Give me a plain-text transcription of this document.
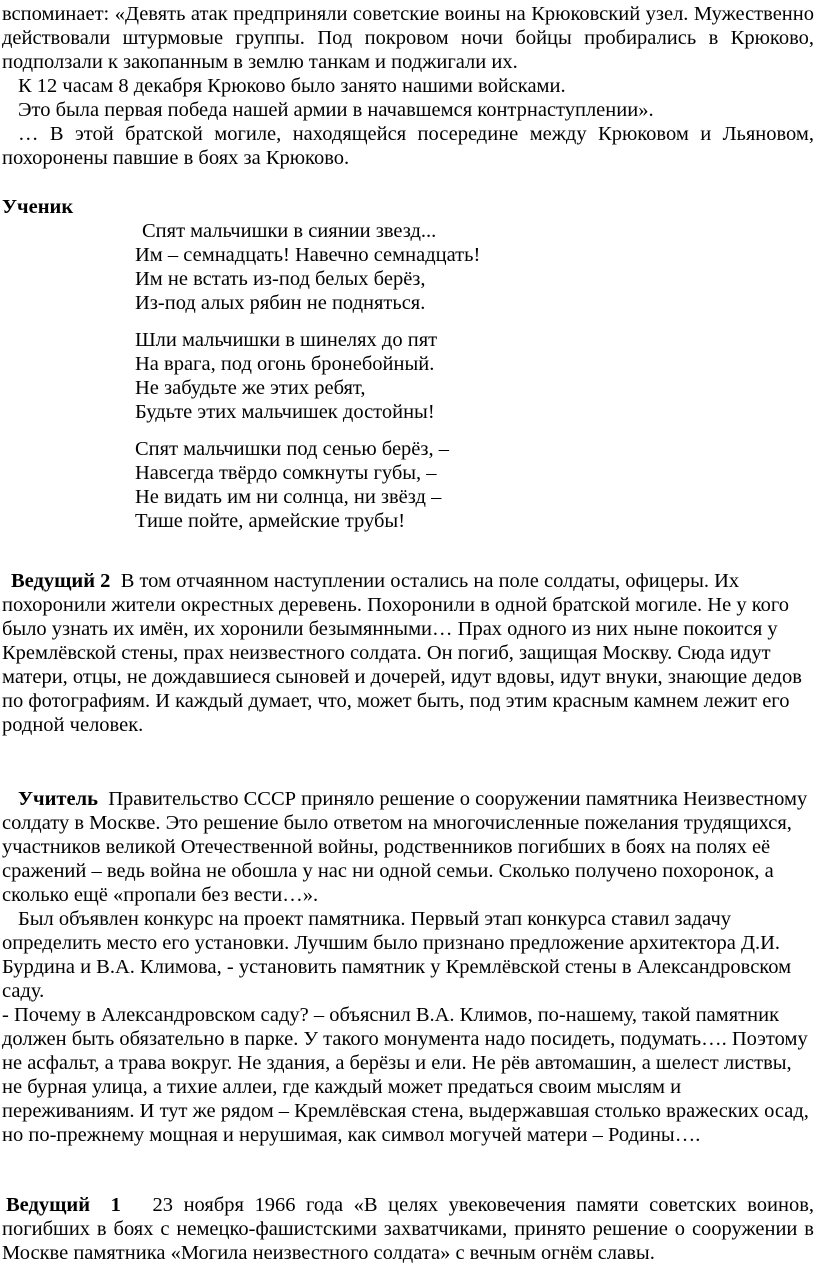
вспоминает: «Девять атак предприняли советские воины на Крюковский узел. Мужественно действовали штурмовые группы. Под покровом ночи бойцы пробирались в Крюково, подползали к закопанным в землю танкам и поджигали их.

К 12 часам 8 декабря Крюково было занято нашими войсками.

Это была первая победа нашей армии в начавшемся контрнаступлении».

… В этой братской могиле, находящейся посередине между Крюковом и Льяновом, похоронены павшие в боях за Крюково.

Ученик

Спят мальчишки в сиянии звезд...

Им – семнадцать! Навечно семнадцать!

Им не встать из-под белых берёз,

Из-под алых рябин не подняться.

Шли мальчишки в шинелях до пят

На врага, под огонь бронебойный.

Не забудьте же этих ребят,

Будьте этих мальчишек достойны!

Спят мальчишки под сенью берёз, –

Навсегда твёрдо сомкнуты губы, –

Не видать им ни солнца, ни звёзд –

Тише пойте, армейские трубы!

Ведущий 2 В том отчаянном наступлении остались на поле солдаты, офицеры. Их похоронили жители окрестных деревень. Похоронили в одной братской могиле. Не у кого было узнать их имён, их хоронили безымянными… Прах одного из них ныне покоится у Кремлёвской стены, прах неизвестного солдата. Он погиб, защищая Москву. Сюда идут матери, отцы, не дождавшиеся сыновей и дочерей, идут вдовы, идут внуки, знающие дедов по фотографиям. И каждый думает, что, может быть, под этим красным камнем лежит его родной человек.

Учитель Правительство СССР приняло решение о сооружении памятника Неизвестному солдату в Москве. Это решение было ответом на многочисленные пожелания трудящихся, участников великой Отечественной войны, родственников погибших в боях на полях её сражений – ведь война не обошла у нас ни одной семьи. Сколько получено похоронок, а сколько ещё «пропали без вести…».

Был объявлен конкурс на проект памятника. Первый этап конкурса ставил задачу определить место его установки. Лучшим было признано предложение архитектора Д.И. Бурдина и В.А. Климова, - установить памятник у Кремлёвской стены в Александровском саду.

- Почему в Александровском саду? – объяснил В.А. Климов, по-нашему, такой памятник должен быть обязательно в парке. У такого монумента надо посидеть, подумать…. Поэтому не асфальт, а трава вокруг. Не здания, а берёзы и ели. Не рёв автомашин, а шелест листвы, не бурная улица, а тихие аллеи, где каждый может предаться своим мыслям и переживаниям. И тут же рядом – Кремлёвская стена, выдержавшая столько вражеских осад, но по-прежнему мощная и нерушимая, как символ могучей матери – Родины….

Ведущий 1 23 ноября 1966 года «В целях увековечения памяти советских воинов, погибших в боях с немецко-фашистскими захватчиками, принято решение о сооружении в Москве памятника «Могила неизвестного солдата» с вечным огнём славы.
